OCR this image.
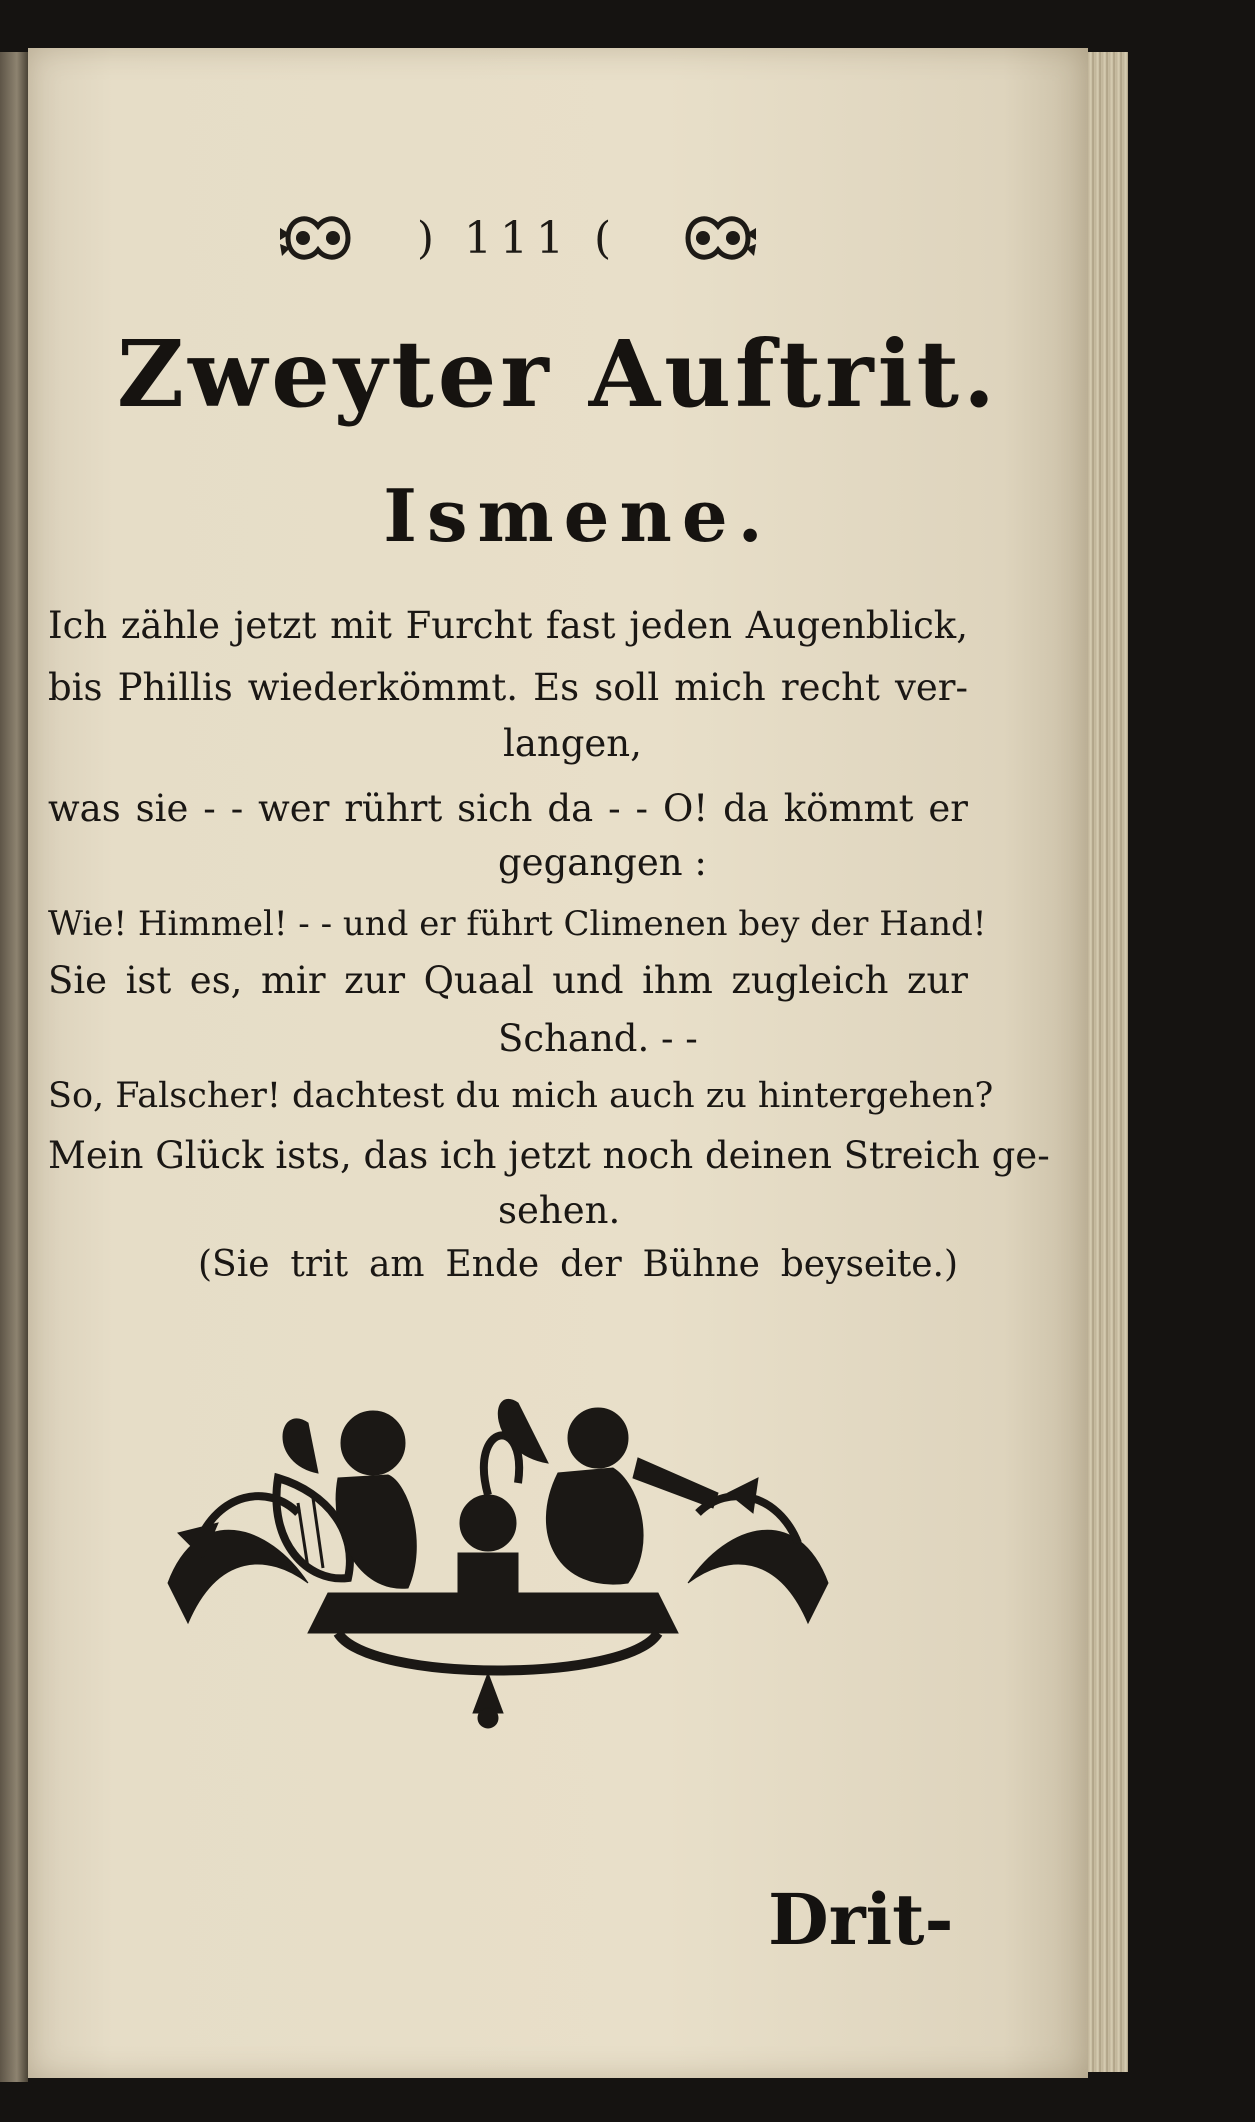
) 111 (
Zweyter Auftrit.
Ismene.
Ich zähle jetzt mit Furcht fast jeden Augenblick,
bis Phillis wiederkömmt. Es soll mich recht ver-
langen,
was sie - - wer rührt sich da - - O! da kömmt er
gegangen :
Wie! Himmel! - - und er führt Climenen bey der Hand!
Sie ist es, mir zur Quaal und ihm zugleich zur
Schand. - -
So, Falscher! dachtest du mich auch zu hintergehen?
Mein Glück ists, das ich jetzt noch deinen Streich ge-
sehen.
(Sie trit am Ende der Bühne beyseite.)
Drit-
